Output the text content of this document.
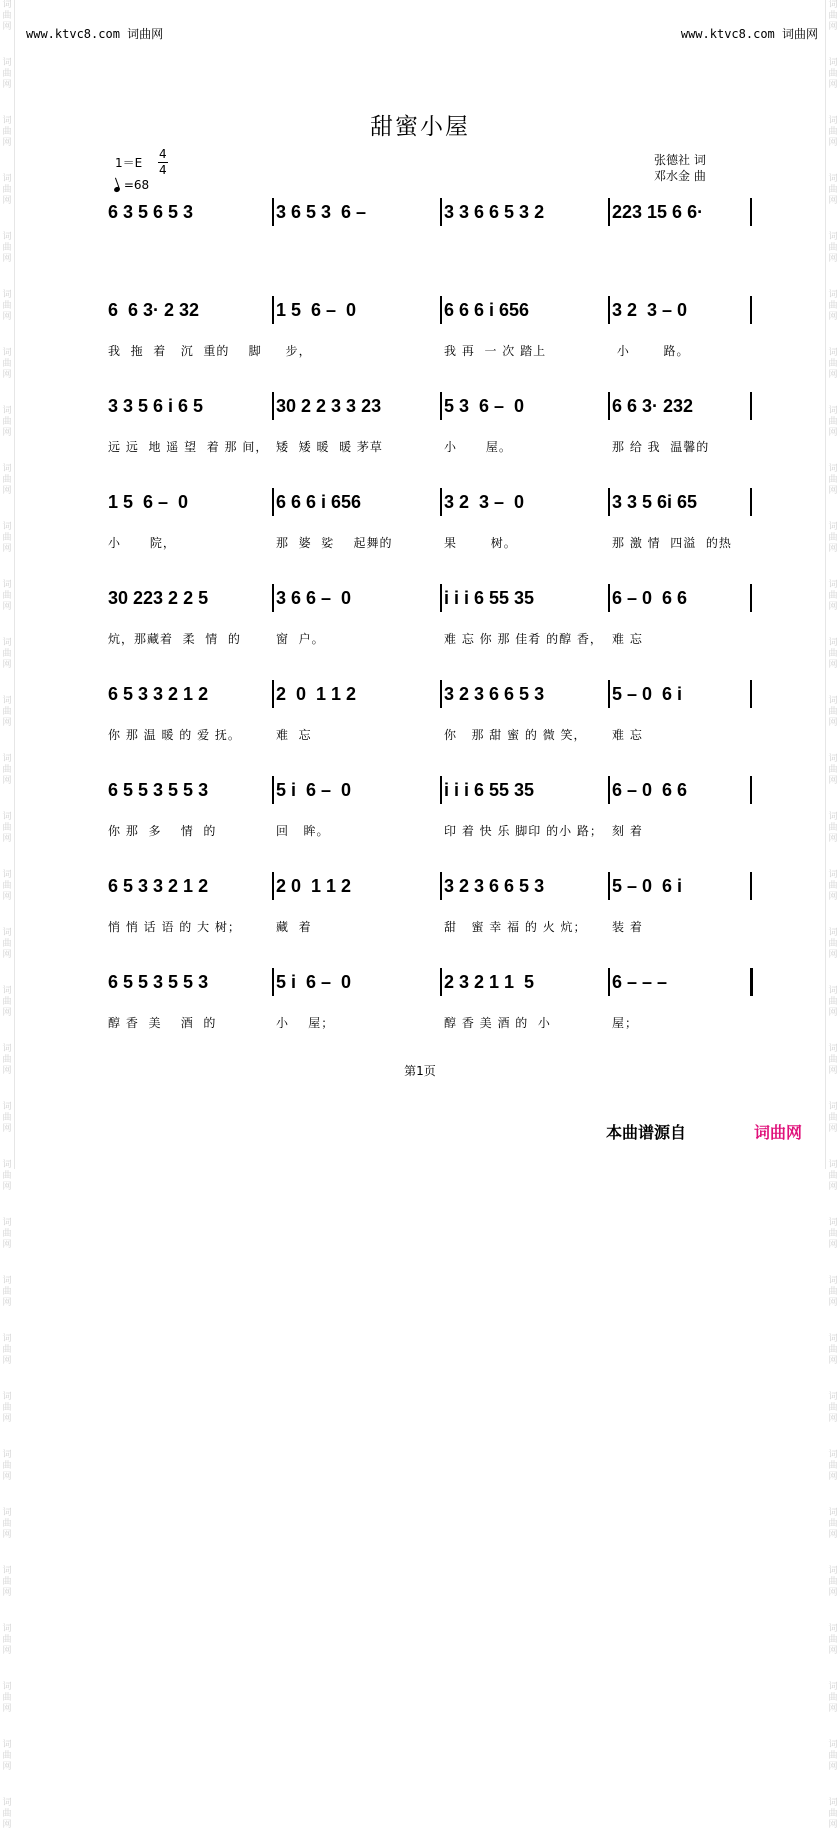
词
曲
网
词
曲
网
词
曲
网
词
曲
网
词
曲
网
词
曲
网
词
曲
网
词
曲
网
词
曲
网
词
曲
网
词
曲
网
词
曲
网
词
曲
网
词
曲
网
词
曲
网
词
曲
网
词
曲
网
词
曲
网
词
曲
网
词
曲
网
词
曲
网
词
曲
网
词
曲
网
词
曲
网
词
曲
网
词
曲
网
词
曲
网
词
曲
网
词
曲
网
词
曲
网
词
曲
网
词
曲
网
词
曲
网
词
曲
网
词
曲
网
词
曲
网
词
曲
网
词
曲
网
词
曲
网
词
曲
网
词
曲
网
词
曲
网
词
曲
网
词
曲
网
词
曲
网
词
曲
网
词
曲
网
词
曲
网
词
曲
网
词
曲
网
词
曲
网
词
曲
网
词
曲
网
词
曲
网
词
曲
网
词
曲
网
词
曲
网
词
曲
网
词
曲
网
词
曲
网
词
曲
网
词
曲
网
词
曲
网
词
曲
网
www.ktvc8.com 词曲网	www.ktvc8.com 词曲网
甜蜜小屋
1＝E
4
4
=68
张德社 词
邓水金 曲
6 3 5 6 5 3	3 6 5 3  6 –	3 3 6 6 5 3 2	223 15 6 6·
6  6 3· 2 32
我  拖  着   沉  重的    脚
1 5  6 –  0
步，
6 6 6 i 656
我 再  一 次 踏上
3 2  3 – 0
小       路。
3 3 5 6 i 6 5
远 远  地 遥 望  着 那 间，
30 2 2 3 3 23
矮  矮 暖  暖 茅草
5 3  6 –  0
小      屋。
6 6 3· 232
那 给 我  温馨的
1 5  6 –  0
小      院，
6 6 6 i 656
那  婆  娑    起舞的
3 2  3 –  0
果       树。
3 3 5 6i 65
那 激 情  四溢  的热
30 223 2 2 5
炕，那藏着  柔  情  的
3 6 6 –  0
窗  户。
i i i 6 55 35
难 忘 你 那 佳肴 的醇 香，
6 – 0  6 6
难 忘
6 5 3 3 2 1 2
你 那 温 暖 的 爱 抚。
2  0  1 1 2
难  忘
3 2 3 6 6 5 3
你   那 甜 蜜 的 微 笑，
5 – 0  6 i
难 忘
6 5 5 3 5 5 3
你 那  多    情  的
5 i  6 –  0
回   眸。
i i i 6 55 35
印 着 快 乐 脚印 的小 路；
6 – 0  6 6
刻 着
6 5 3 3 2 1 2
悄 悄 话 语 的 大 树；
2 0  1 1 2
藏  着
3 2 3 6 6 5 3
甜   蜜 幸 福 的 火 炕；
5 – 0  6 i
装 着
6 5 5 3 5 5 3
醇 香  美    酒  的
5 i  6 –  0
小    屋；
2 3 2 1 1  5
醇 香 美 酒 的  小
6 – – –
屋；
第1页
本曲谱源自	词曲网
